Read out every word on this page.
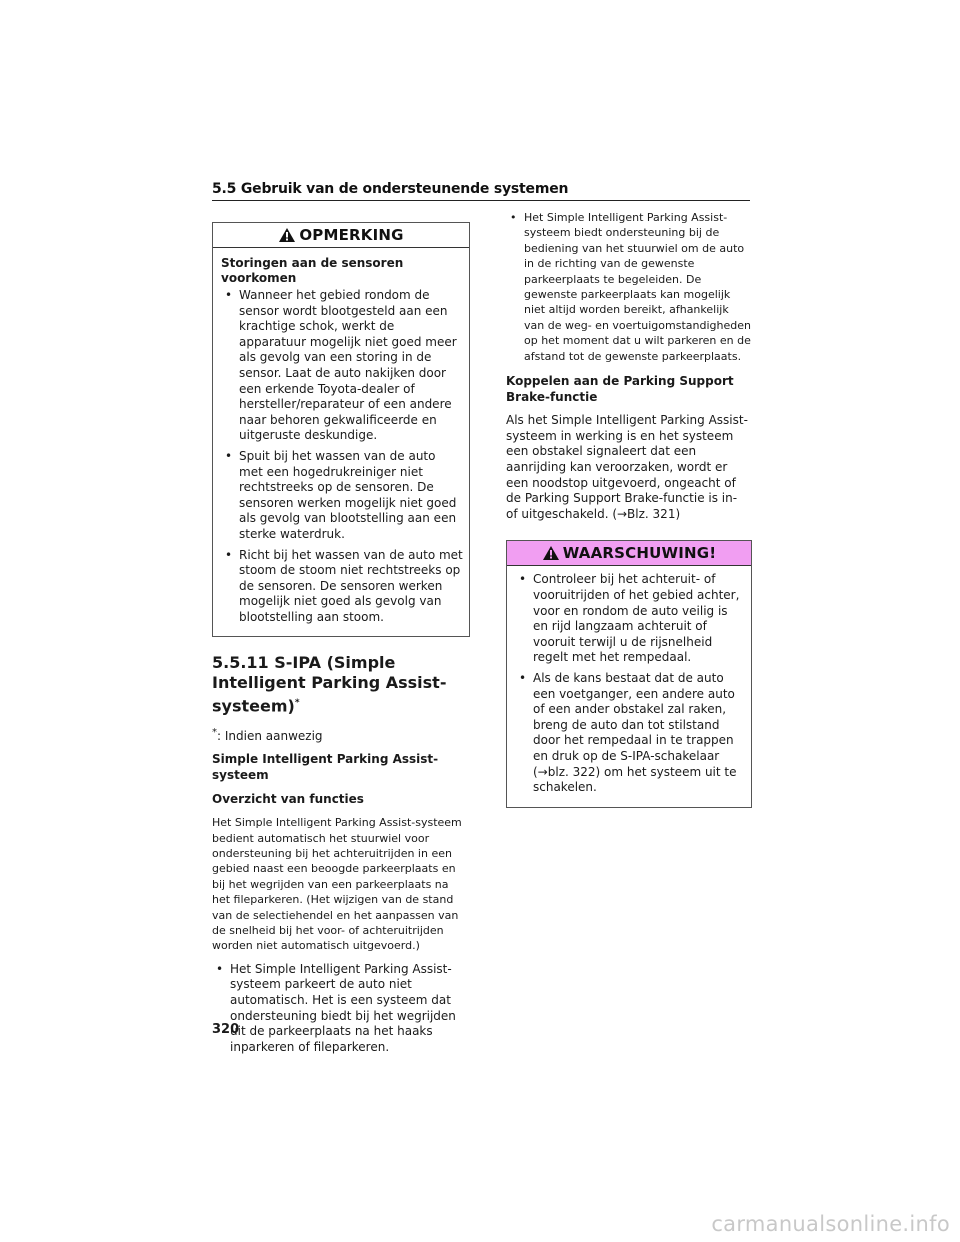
5.5 Gebruik van de ondersteunende systemen
OPMERKING
Storingen aan de sensoren voorkomen
• Wanneer het gebied rondom de sensor wordt blootgesteld aan een krachtige schok, werkt de apparatuur mogelijk niet goed meer als gevolg van een storing in de sensor. Laat de auto nakijken door een erkende Toyota-dealer of hersteller/reparateur of een andere naar behoren gekwalificeerde en uitgeruste deskundige.
• Spuit bij het wassen van de auto met een hogedrukreiniger niet rechtstreeks op de sensoren. De sensoren werken mogelijk niet goed als gevolg van blootstelling aan een sterke waterdruk.
• Richt bij het wassen van de auto met stoom de stoom niet rechtstreeks op de sensoren. De sensoren werken mogelijk niet goed als gevolg van blootstelling aan stoom.
5.5.11 S-IPA (Simple Intelligent Parking Assist-systeem)*

*: Indien aanwezig

Simple Intelligent Parking Assist-systeem

Overzicht van functies

Het Simple Intelligent Parking Assist-systeem bedient automatisch het stuurwiel voor ondersteuning bij het achteruitrijden in een gebied naast een beoogde parkeerplaats en bij het wegrijden van een parkeerplaats na het fileparkeren. (Het wijzigen van de stand van de selectiehendel en het aanpassen van de snelheid bij het voor- of achteruitrijden worden niet automatisch uitgevoerd.)

• Het Simple Intelligent Parking Assist-systeem parkeert de auto niet automatisch. Het is een systeem dat ondersteuning biedt bij het wegrijden uit de parkeerplaats na het haaks inparkeren of fileparkeren.
• Het Simple Intelligent Parking Assist-systeem biedt ondersteuning bij de bediening van het stuurwiel om de auto in de richting van de gewenste parkeerplaats te begeleiden. De gewenste parkeerplaats kan mogelijk niet altijd worden bereikt, afhankelijk van de weg- en voertuigomstandigheden op het moment dat u wilt parkeren en de afstand tot de gewenste parkeerplaats.

Koppelen aan de Parking Support Brake-functie

Als het Simple Intelligent Parking Assist-systeem in werking is en het systeem een obstakel signaleert dat een aanrijding kan veroorzaken, wordt er een noodstop uitgevoerd, ongeacht of de Parking Support Brake-functie is in- of uitgeschakeld. (→Blz. 321)

WAARSCHUWING!
• Controleer bij het achteruit- of vooruitrijden of het gebied achter, voor en rondom de auto veilig is en rijd langzaam achteruit of vooruit terwijl u de rijsnelheid regelt met het rempedaal.
• Als de kans bestaat dat de auto een voetganger, een andere auto of een ander obstakel zal raken, breng de auto dan tot stilstand door het rempedaal in te trappen en druk op de S-IPA-schakelaar (→blz. 322) om het systeem uit te schakelen.
320
carmanualsonline.info
